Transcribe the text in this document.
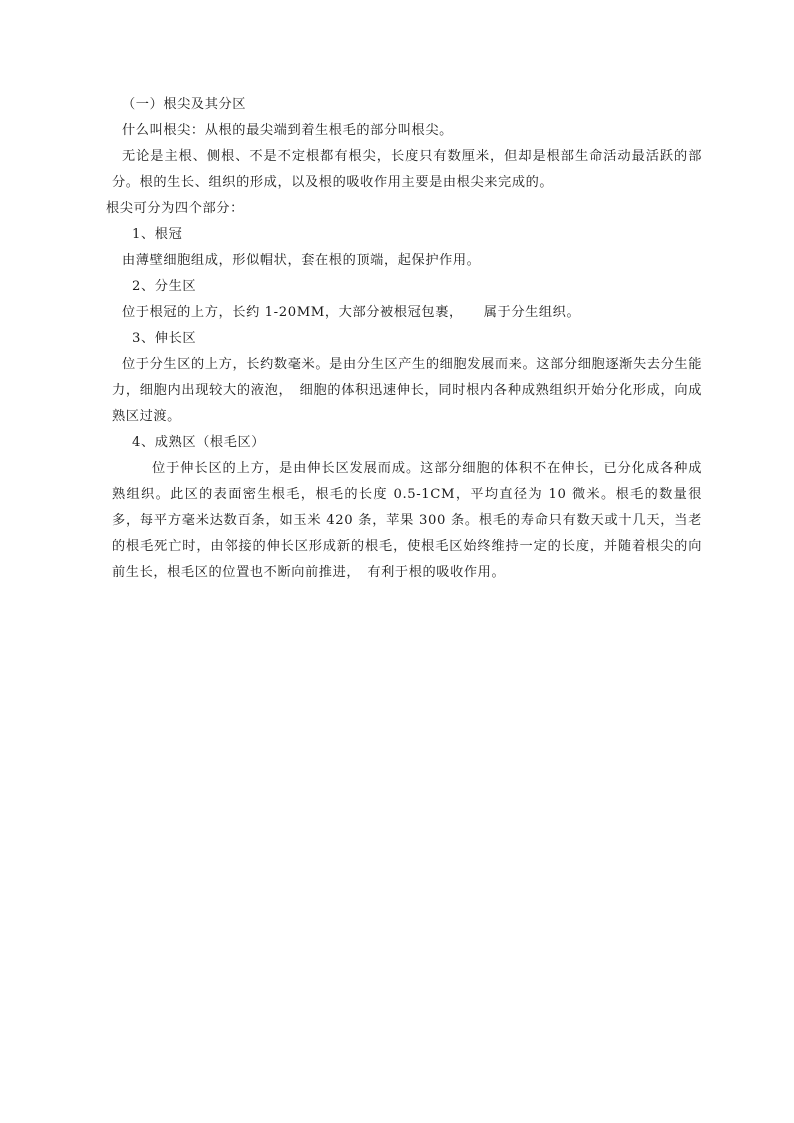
（一）根尖及其分区

什么叫根尖：从根的最尖端到着生根毛的部分叫根尖。

无论是主根、侧根、不是不定根都有根尖，长度只有数厘米，但却是根部生命活动最活跃的部分。根的生长、组织的形成，以及根的吸收作用主要是由根尖来完成的。

根尖可分为四个部分：

1、根冠

由薄壁细胞组成，形似帽状，套在根的顶端，起保护作用。

2、分生区

位于根冠的上方，长约 1-20MM，大部分被根冠包裹，　　属于分生组织。

3、伸长区

位于分生区的上方，长约数毫米。是由分生区产生的细胞发展而来。这部分细胞逐渐失去分生能力，细胞内出现较大的液泡，　细胞的体积迅速伸长，同时根内各种成熟组织开始分化形成，向成熟区过渡。

4、成熟区（根毛区）

位于伸长区的上方，是由伸长区发展而成。这部分细胞的体积不在伸长，已分化成各种成熟组织。此区的表面密生根毛，根毛的长度 0.5-1CM，平均直径为 10 微米。根毛的数量很多，每平方毫米达数百条，如玉米 420 条，苹果 300 条。根毛的寿命只有数天或十几天，当老的根毛死亡时，由邻接的伸长区形成新的根毛，使根毛区始终维持一定的长度，并随着根尖的向前生长，根毛区的位置也不断向前推进，　有利于根的吸收作用。
